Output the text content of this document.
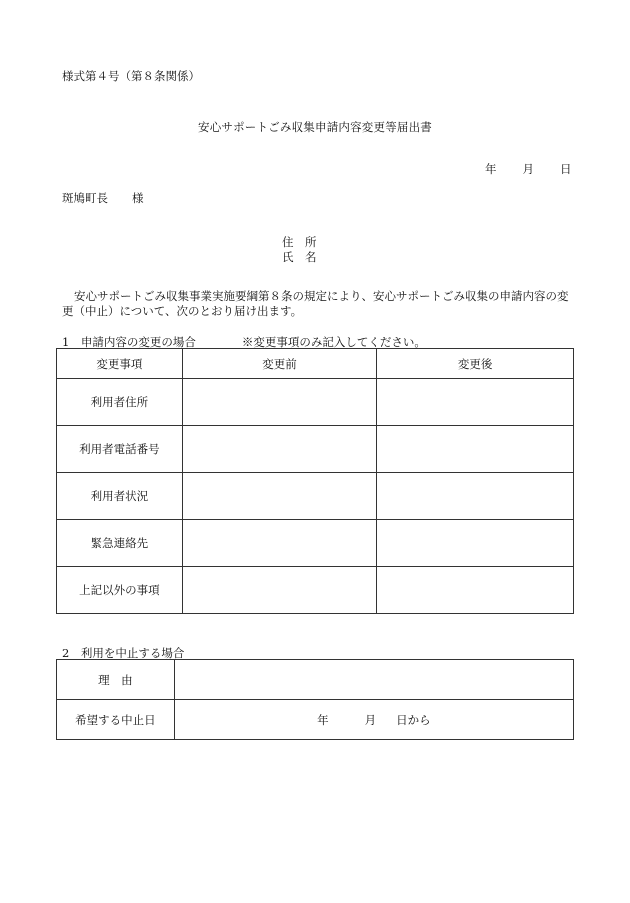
様式第４号（第８条関係）
安心サポートごみ収集申請内容変更等届出書
年 月 日
斑鳩町長 様
住　所
氏　名
安心サポートごみ収集事業実施要綱第８条の規定により、安心サポートごみ収集の申請内容の変更（中止）について、次のとおり届け出ます。
1　申請内容の変更の場合	※変更事項のみ記入してください。
変更事項	変更前	変更後
利用者住所		
利用者電話番号		
利用者状況		
緊急連絡先		
上記以外の事項		
2　利用を中止する場合
理　由	
希望する中止日	年 月 日から
